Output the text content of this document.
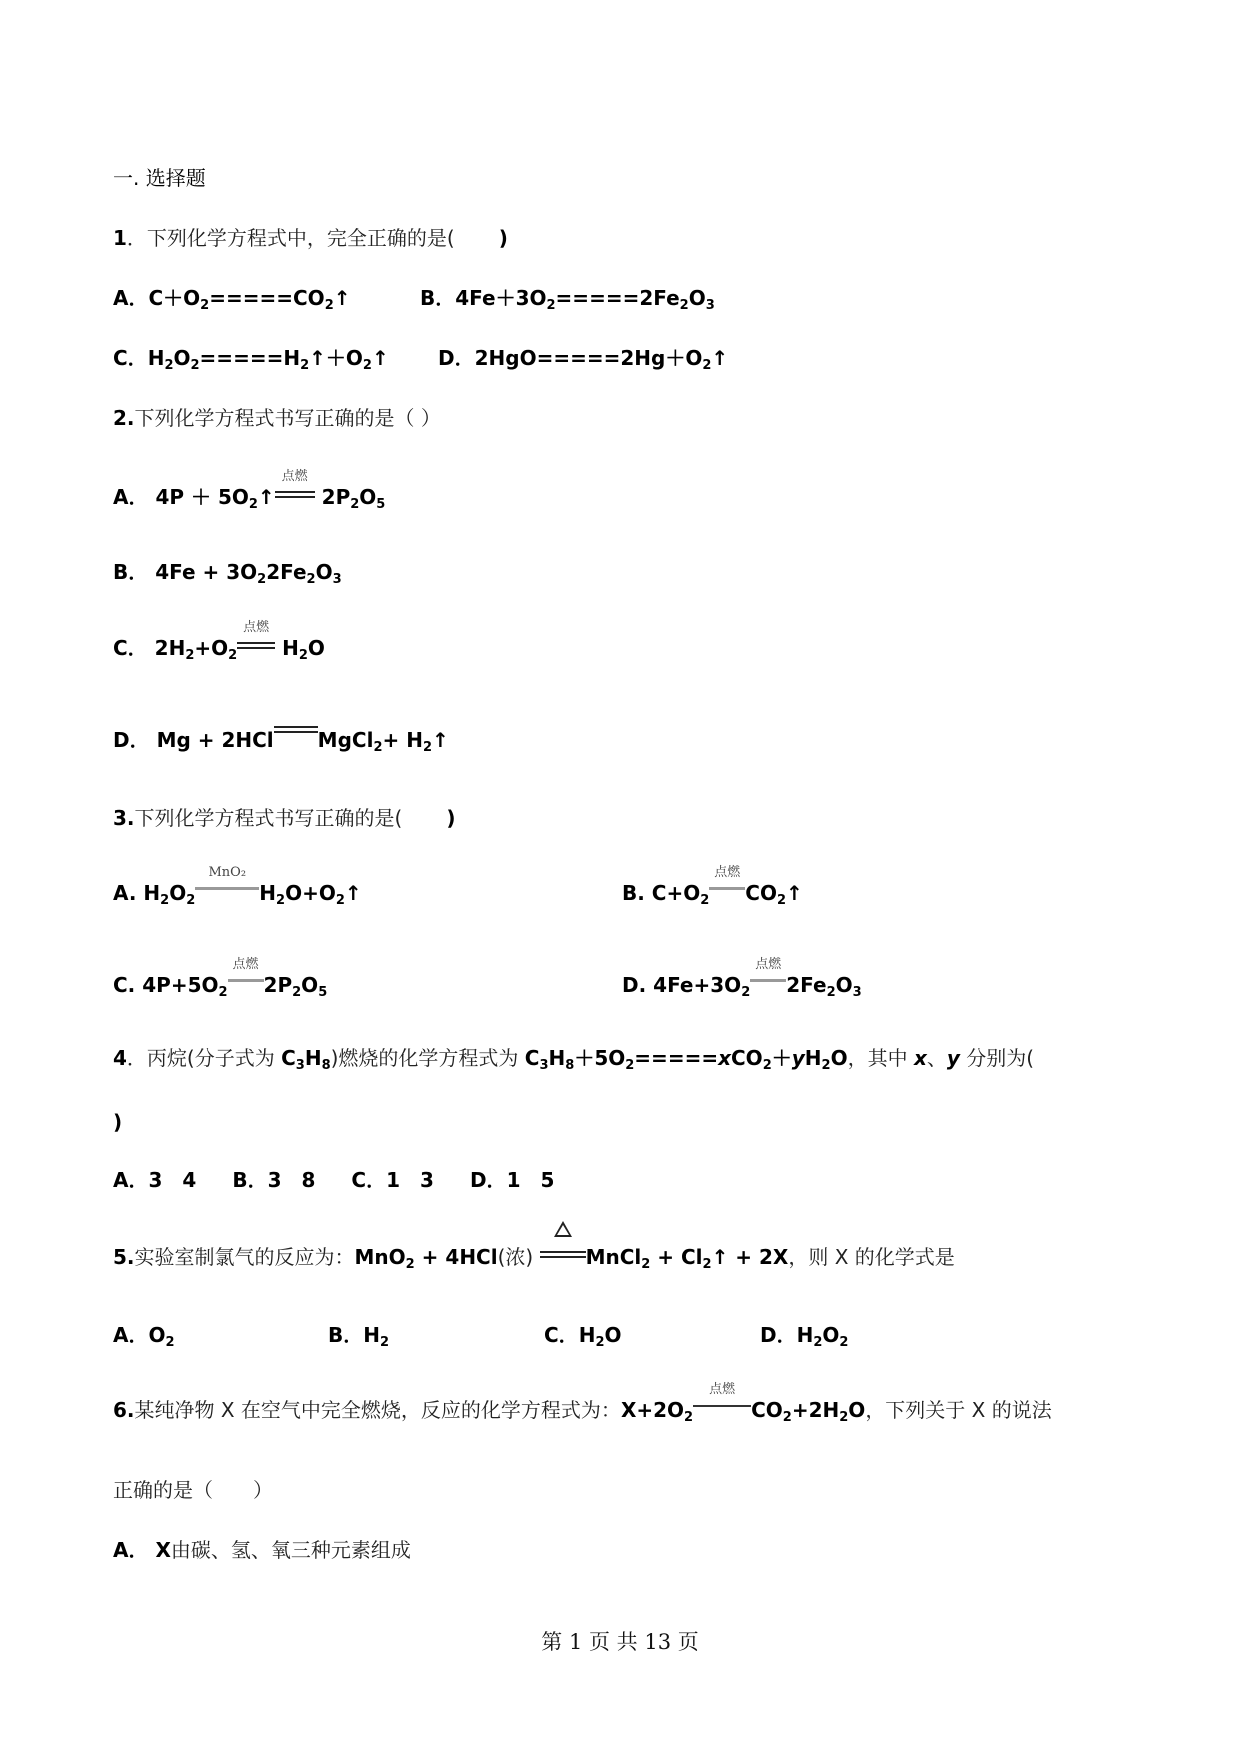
一. 选择题
1．下列化学方程式中，完全正确的是( )
A．$C+O_2=====CO_2↑$	B．$4Fe+3O_2=====2Fe_2O_3$
C．$H_2O_2=====H_2↑+O_2↑$ D．$2HgO=====2Hg+O_2↑$
2.下列化学方程式书写正确的是（ ）
A． $4P + 5O_2↑$
点燃
$2P_2O_5$
B． $4Fe + 3O_22Fe_2O_3$
C． $2H_2+O_2$
点燃
$H_2O$
D． Mg + 2HCl MgCl$_2$+ $H_2↑$
3.下列化学方程式书写正确的是( )
A. $H_2O_2$
MnO₂
$H_2O+O_2↑$	B. $C+O_2$
点燃
$CO_2↑$
C. $4P+5O_2$
点燃
$2P_2O_5$	D. $4Fe+3O_2$
点燃
$2Fe_2O_3$
4．丙烷(分子式为 $C_3H_8$)燃烧的化学方程式为 $C_3H_8+5O_2=====xCO_2+yH_2O$，其中 x、y 分别为(
)
A．3　4 B．3　8 C．1　3 D．1　5
5.实验室制氯气的反应为：MnO$_2$ + 4HCl(浓)
MnCl$_2$ + $Cl_2↑ + 2X$，则 X 的化学式是
A．$O_2$	B．$H_2$	C．$H_2O$	D．$H_2O_2$
6.某纯净物 X 在空气中完全燃烧，反应的化学方程式为：$X+2O_2$
点燃
$CO_2+2H_2O$，下列关于 X 的说法
正确的是（　　）
A． X由碳、氢、氧三种元素组成
第 1 页 共 13 页
